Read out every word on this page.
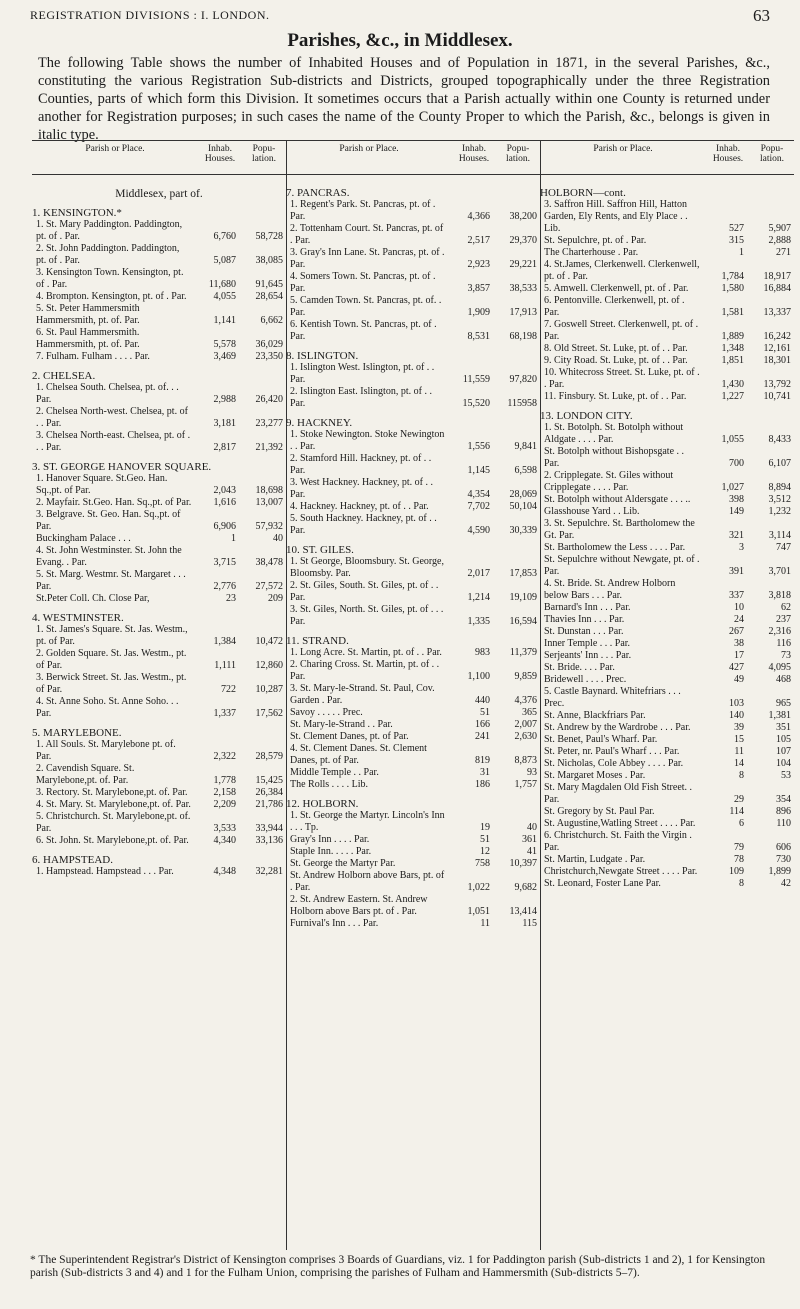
REGISTRATION DIVISIONS : I. LONDON.	63
Parishes, &c., in Middlesex.
The following Table shows the number of Inhabited Houses and of Population in 1871, in the several Parishes, &c., constituting the various Registration Sub-districts and Districts, grouped topographically under the three Registration Counties, parts of which form this Division. It sometimes occurs that a Parish actually within one County is returned under another for Registration purposes; in such cases the name of the County Proper to which the Parish, &c., belongs is given in italic type.
Parish or Place.	Inhab. Houses.
Popu- lation.
Parish or Place.	Inhab. Houses.
Popu- lation.
Parish or Place.	Inhab. Houses.
Popu- lation.
Middlesex, part of.
1. KENSINGTON.*
1. St. Mary Paddington. Paddington, pt. of . Par.	6,760	58,728
2. St. John Paddington. Paddington, pt. of . Par.	5,087	38,085
3. Kensington Town. Kensington, pt. of . Par.	11,680	91,645
4. Brompton. Kensington, pt. of . Par.	4,055	28,654
5. St. Peter Hammersmith Hammersmith, pt. of. Par.	1,141	6,662
6. St. Paul Hammersmith. Hammersmith, pt. of. Par.	5,578	36,029
7. Fulham. Fulham . . . . Par.	3,469	23,350
2. CHELSEA.
1. Chelsea South. Chelsea, pt. of. . . Par.	2,988	26,420
2. Chelsea North-west. Chelsea, pt. of . . Par.	3,181	23,277
3. Chelsea North-east. Chelsea, pt. of . . . Par.	2,817	21,392
3. ST. GEORGE HANOVER SQUARE.
1. Hanover Square. St.Geo. Han. Sq.,pt. of Par.	2,043	18,698
2. Mayfair. St.Geo. Han. Sq.,pt. of Par.	1,616	13,007
3. Belgrave. St. Geo. Han. Sq.,pt. of Par.	6,906	57,932
Buckingham Palace . . .	1	40
4. St. John Westminster. St. John the Evang. . Par.	3,715	38,478
5. St. Marg. Westmr. St. Margaret . . . Par.	2,776	27,572
St.Peter Coll. Ch. Close Par,	23	209
4. WESTMINSTER.
1. St. James's Square. St. Jas. Westm., pt. of Par.	1,384	10,472
2. Golden Square. St. Jas. Westm., pt. of Par.	1,111	12,860
3. Berwick Street. St. Jas. Westm., pt. of Par.	722	10,287
4. St. Anne Soho. St. Anne Soho. . . Par.	1,337	17,562
5. MARYLEBONE.
1. All Souls. St. Marylebone pt. of. Par.	2,322	28,579
2. Cavendish Square. St. Marylebone,pt. of. Par.	1,778	15,425
3. Rectory. St. Marylebone,pt. of. Par.	2,158	26,384
4. St. Mary. St. Marylebone,pt. of. Par.	2,209	21,786
5. Christchurch. St. Marylebone,pt. of. Par.	3,533	33,944
6. St. John. St. Marylebone,pt. of. Par.	4,340	33,136
6. HAMPSTEAD.
1. Hampstead. Hampstead . . . Par.	4,348	32,281
7. PANCRAS.
1. Regent's Park. St. Pancras, pt. of . Par.	4,366	38,200
2. Tottenham Court. St. Pancras, pt. of . Par.	2,517	29,370
3. Gray's Inn Lane. St. Pancras, pt. of . Par.	2,923	29,221
4. Somers Town. St. Pancras, pt. of . Par.	3,857	38,533
5. Camden Town. St. Pancras, pt. of. . Par.	1,909	17,913
6. Kentish Town. St. Pancras, pt. of . Par.	8,531	68,198
8. ISLINGTON.
1. Islington West. Islington, pt. of . . Par.	11,559	97,820
2. Islington East. Islington, pt. of . . Par.	15,520	115958
9. HACKNEY.
1. Stoke Newington. Stoke Newington . . Par.	1,556	9,841
2. Stamford Hill. Hackney, pt. of . . Par.	1,145	6,598
3. West Hackney. Hackney, pt. of . . Par.	4,354	28,069
4. Hackney. Hackney, pt. of . . Par.	7,702	50,104
5. South Hackney. Hackney, pt. of . . Par.	4,590	30,339
10. ST. GILES.
1. St George, Bloomsbury. St. George, Bloomsby. Par.	2,017	17,853
2. St. Giles, South. St. Giles, pt. of . . Par.	1,214	19,109
3. St. Giles, North. St. Giles, pt. of . . . Par.	1,335	16,594
11. STRAND.
1. Long Acre. St. Martin, pt. of . . Par.	983	11,379
2. Charing Cross. St. Martin, pt. of . . Par.	1,100	9,859
3. St. Mary-le-Strand. St. Paul, Cov. Garden . Par.	440	4,376
Savoy . . . . . Prec.	51	365
St. Mary-le-Strand . . Par.	166	2,007
St. Clement Danes, pt. of Par.	241	2,630
4. St. Clement Danes. St. Clement Danes, pt. of Par.	819	8,873
Middle Temple . . Par.	31	93
The Rolls . . . . Lib.	186	1,757
12. HOLBORN.
1. St. George the Martyr. Lincoln's Inn . . . Tp.	19	40
Gray's Inn . . . . Par.	51	361
Staple Inn. . . . . Par.	12	41
St. George the Martyr Par.	758	10,397
St. Andrew Holborn above Bars, pt. of . Par.	1,022	9,682
2. St. Andrew Eastern. St. Andrew Holborn above Bars pt. of . Par.	1,051	13,414
Furnival's Inn . . . Par.	11	115
HOLBORN—cont.
3. Saffron Hill. Saffron Hill, Hatton Garden, Ely Rents, and Ely Place . . Lib.	527	5,907
St. Sepulchre, pt. of . Par.	315	2,888
The Charterhouse . Par.	1	271
4. St.James, Clerkenwell. Clerkenwell, pt. of . Par.	1,784	18,917
5. Amwell. Clerkenwell, pt. of . Par.	1,580	16,884
6. Pentonville. Clerkenwell, pt. of . Par.	1,581	13,337
7. Goswell Street. Clerkenwell, pt. of . Par.	1,889	16,242
8. Old Street. St. Luke, pt. of . . Par.	1,348	12,161
9. City Road. St. Luke, pt. of . . Par.	1,851	18,301
10. Whitecross Street. St. Luke, pt. of . . Par.	1,430	13,792
11. Finsbury. St. Luke, pt. of . . Par.	1,227	10,741
13. LONDON CITY.
1. St. Botolph. St. Botolph without Aldgate . . . . Par.	1,055	8,433
St. Botolph without Bishopsgate . . Par.	700	6,107
2. Cripplegate. St. Giles without Cripplegate . . . . Par.	1,027	8,894
St. Botolph without Aldersgate . . . ..	398	3,512
Glasshouse Yard . . Lib.	149	1,232
3. St. Sepulchre. St. Bartholomew the Gt. Par.	321	3,114
St. Bartholomew the Less . . . . Par.	3	747
St. Sepulchre without Newgate, pt. of . Par.	391	3,701
4. St. Bride. St. Andrew Holborn below Bars . . . Par.	337	3,818
Barnard's Inn . . . Par.	10	62
Thavies Inn . . . Par.	24	237
St. Dunstan . . . Par.	267	2,316
Inner Temple . . . Par.	38	116
Serjeants' Inn . . . Par.	17	73
St. Bride. . . . Par.	427	4,095
Bridewell . . . . Prec.	49	468
5. Castle Baynard. Whitefriars . . . Prec.	103	965
St. Anne, Blackfriars Par.	140	1,381
St. Andrew by the Wardrobe . . . Par.	39	351
St. Benet, Paul's Wharf. Par.	15	105
St. Peter, nr. Paul's Wharf . . . Par.	11	107
St. Nicholas, Cole Abbey . . . . Par.	14	104
St. Margaret Moses . Par.	8	53
St. Mary Magdalen Old Fish Street. . Par.	29	354
St. Gregory by St. Paul Par.	114	896
St. Augustine,Watling Street . . . . Par.	6	110
6. Christchurch. St. Faith the Virgin . Par.	79	606
St. Martin, Ludgate . Par.	78	730
Christchurch,Newgate Street . . . . Par.	109	1,899
St. Leonard, Foster Lane Par.	8	42
* The Superintendent Registrar's District of Kensington comprises 3 Boards of Guardians, viz. 1 for Paddington parish (Sub-districts 1 and 2), 1 for Kensington parish (Sub-districts 3 and 4) and 1 for the Fulham Union, comprising the parishes of Fulham and Hammersmith (Sub-districts 5–7).
